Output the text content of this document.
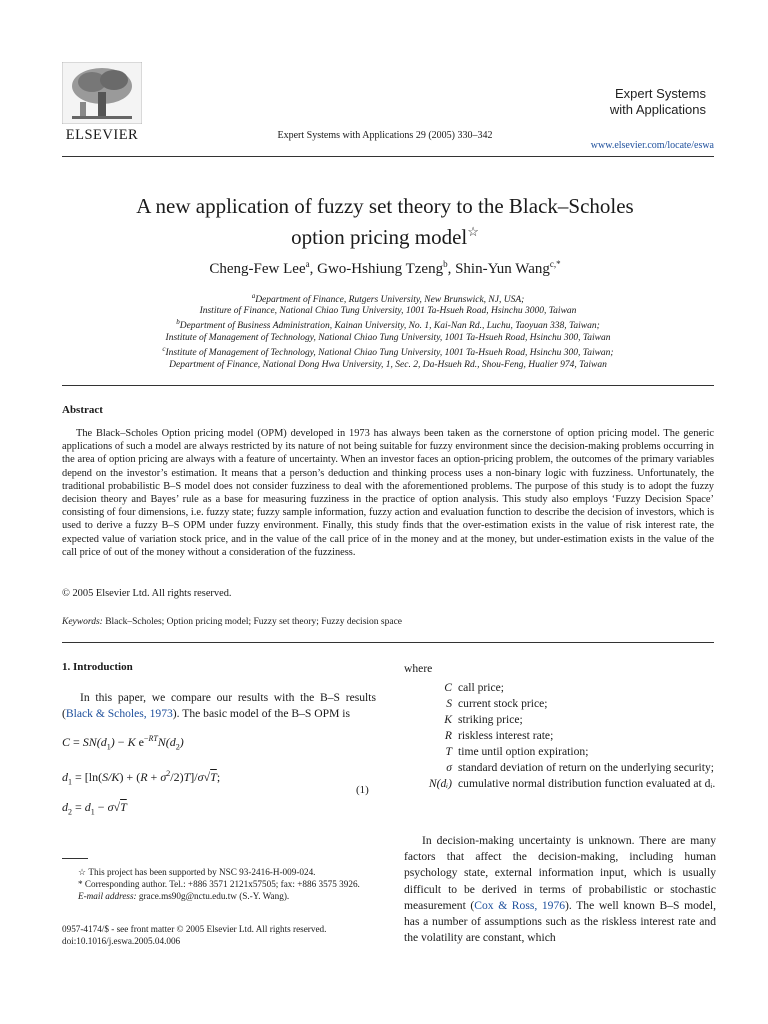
ELSEVIER	Expert Systems with Applications 29 (2005) 330–342
Expert Systems
with Applications
www.elsevier.com/locate/eswa
A new application of fuzzy set theory to the Black–Scholes
option pricing model☆
Cheng-Few Lee$^a$, Gwo-Hshiung Tzeng$^b$, Shin-Yun Wang$^{c,*}$
$^a$Department of Finance, Rutgers University, New Brunswick, NJ, USA;
Institure of Finance, National Chiao Tung University, 1001 Ta-Hsueh Road, Hsinchu 3000, Taiwan
$^b$Department of Business Administration, Kainan University, No. 1, Kai-Nan Rd., Luchu, Taoyuan 338, Taiwan;
Institute of Management of Technology, National Chiao Tung University, 1001 Ta-Hsueh Road, Hsinchu 300, Taiwan
$^c$Institute of Management of Technology, National Chiao Tung University, 1001 Ta-Hsueh Road, Hsinchu 300, Taiwan;
Department of Finance, National Dong Hwa University, 1, Sec. 2, Da-Hsueh Rd., Shou-Feng, Hualier 974, Taiwan
Abstract
The Black–Scholes Option pricing model (OPM) developed in 1973 has always been taken as the cornerstone of option pricing model. The generic applications of such a model are always restricted by its nature of not being suitable for fuzzy environment since the decision-making problems occurring in the area of option pricing are always with a feature of uncertainty. When an investor faces an option-pricing problem, the outcomes of the primary variables depend on the investor’s estimation. It means that a person’s deduction and thinking process uses a non-binary logic with fuzziness. Unfortunately, the traditional probabilistic B–S model does not consider fuzziness to deal with the aforementioned problems. The purpose of this study is to adopt the fuzzy decision theory and Bayes’ rule as a base for measuring fuzziness in the practice of option analysis. This study also employs ‘Fuzzy Decision Space’ consisting of four dimensions, i.e. fuzzy state; fuzzy sample information, fuzzy action and evaluation function to describe the decision of investors, which is used to derive a fuzzy B–S OPM under fuzzy environment. Finally, this study finds that the over-estimation exists in the value of risk interest rate, the expected value of variation stock price, and in the value of the call price of in the money and at the money, but under-estimation exists in the value of the call price of out of the money without a consideration of the fuzziness.
© 2005 Elsevier Ltd. All rights reserved.
Keywords: Black–Scholes; Option pricing model; Fuzzy set theory; Fuzzy decision space
1. Introduction
In this paper, we compare our results with the B–S results (Black & Scholes, 1973). The basic model of the B–S OPM is
$C = SN(d_1) - K$ $e^{-RT}N(d_2)$
$d_1 = [\ln(S/K) + (R + \sigma^2/2)T]/\sigma√T$;
$d_2 = d_1 - \sigma√T$
(1)
☆ This project has been supported by NSC 93-2416-H-009-024.
* Corresponding author. Tel.: +886 3571 2121x57505; fax: +886 3575 3926.
E-mail address: grace.ms90g@nctu.edu.tw (S.-Y. Wang).
0957-4174/$ - see front matter © 2005 Elsevier Ltd. All rights reserved.
doi:10.1016/j.eswa.2005.04.006
where
C call price;
S current stock price;
K striking price;
R riskless interest rate;
T time until option expiration;
σ standard deviation of return on the underlying security;
N(dᵢ) cumulative normal distribution function evaluated at dᵢ.
In decision-making uncertainty is unknown. There are many factors that affect the decision-making, including human psychology state, external information input, which is usually difficult to be derived in terms of probabilistic or stochastic measurement (Cox & Ross, 1976). The well known B–S model, has a number of assumptions such as the riskless interest rate and the volatility are constant, which
